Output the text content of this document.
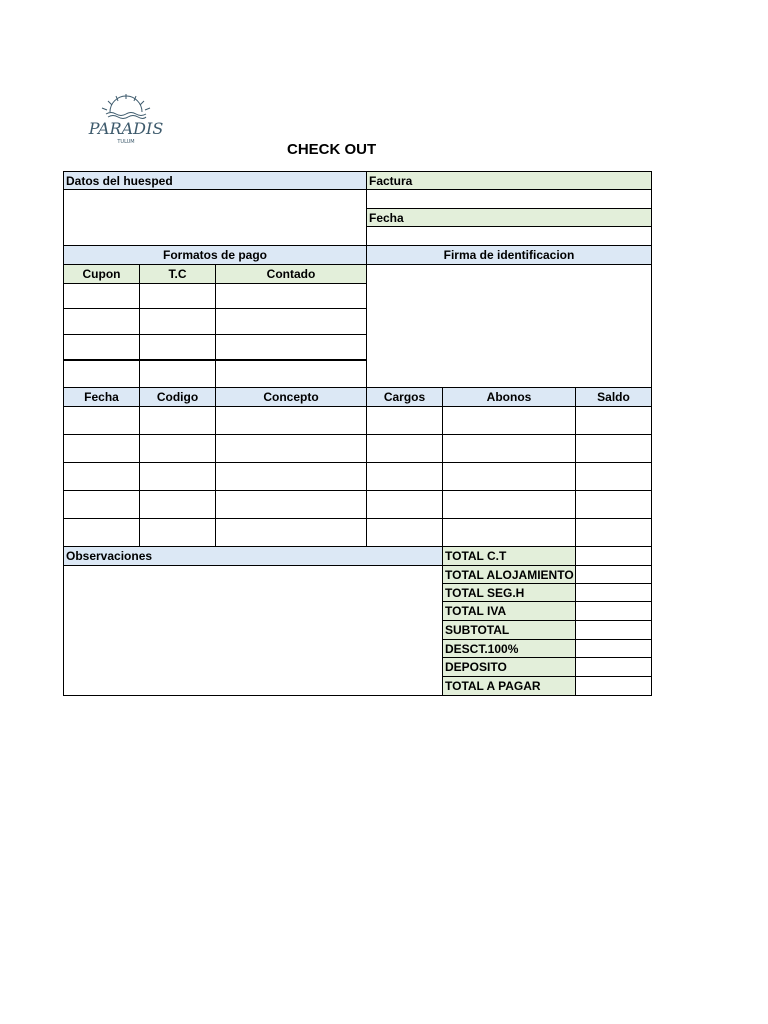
PARADIS
TULUM	CHECK OUT
Datos del huesped	Factura
Fecha
Formatos de pago
Cupon	T.C	Contado
Firma de identificacion
Fecha	Codigo	Concepto	Cargos	Abonos	Saldo
Observaciones	TOTAL C.T
TOTAL ALOJAMIENTO
TOTAL SEG.H
TOTAL IVA
SUBTOTAL
DESCT.100%
DEPOSITO
TOTAL A PAGAR
